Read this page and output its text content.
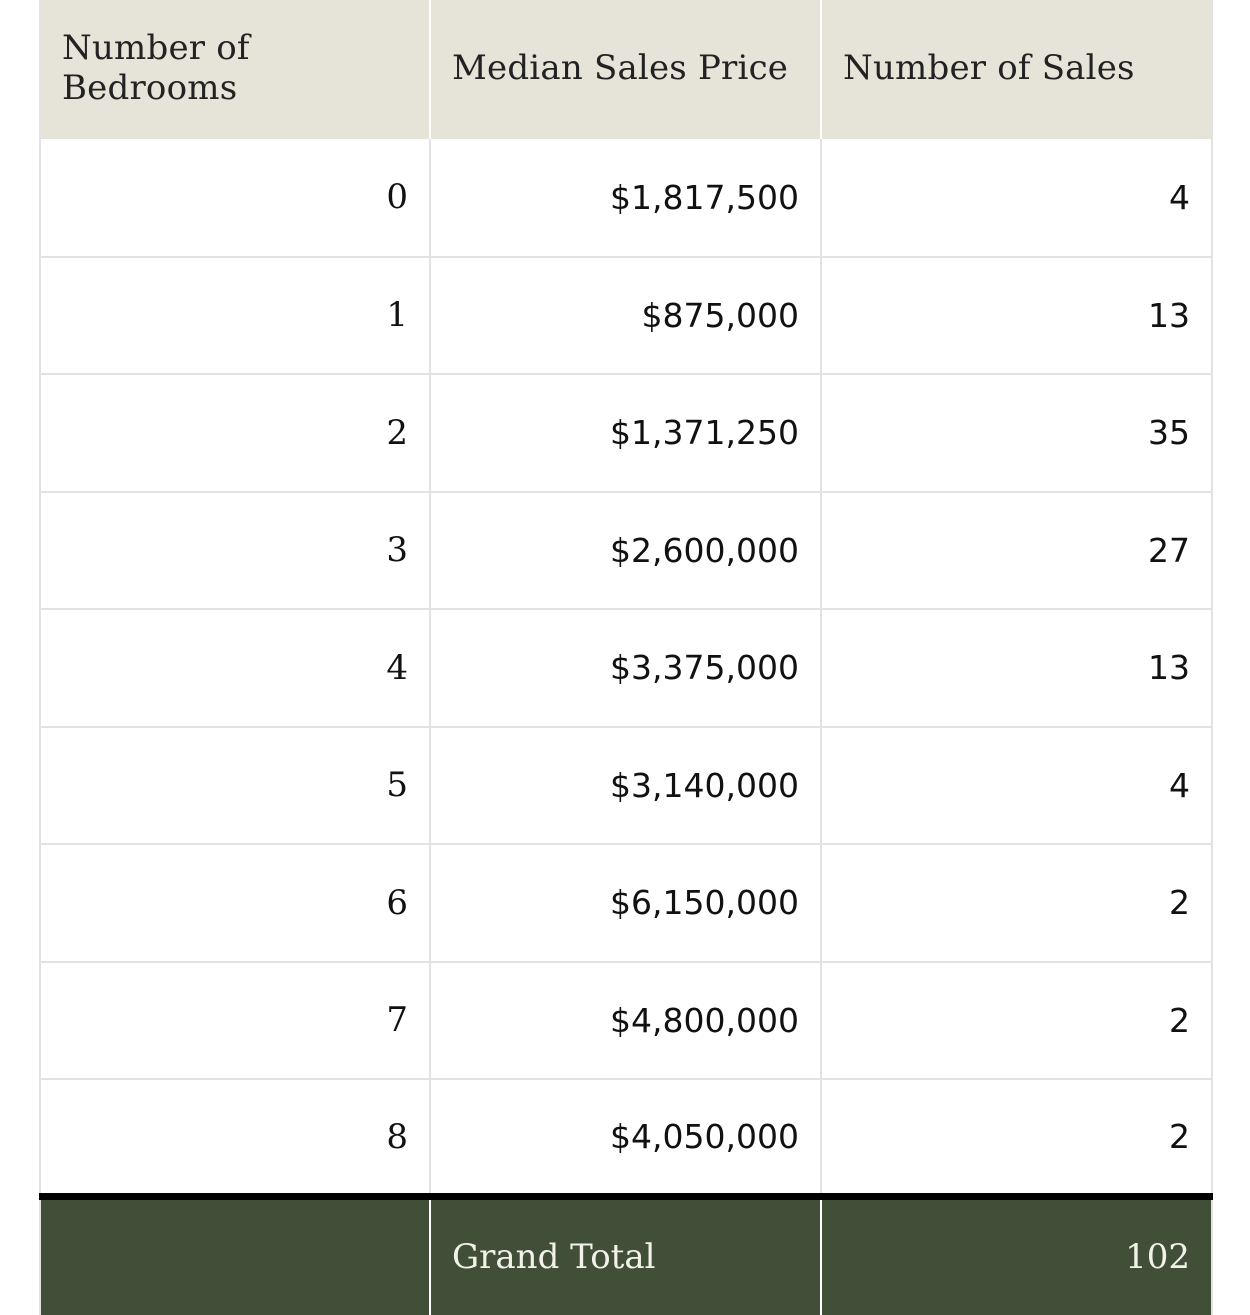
Number of Bedrooms	Median Sales Price	Number of Sales
0	$1,817,500	4
1	$875,000	13
2	$1,371,250	35
3	$2,600,000	27
4	$3,375,000	13
5	$3,140,000	4
6	$6,150,000	2
7	$4,800,000	2
8	$4,050,000	2
	Grand Total	102
